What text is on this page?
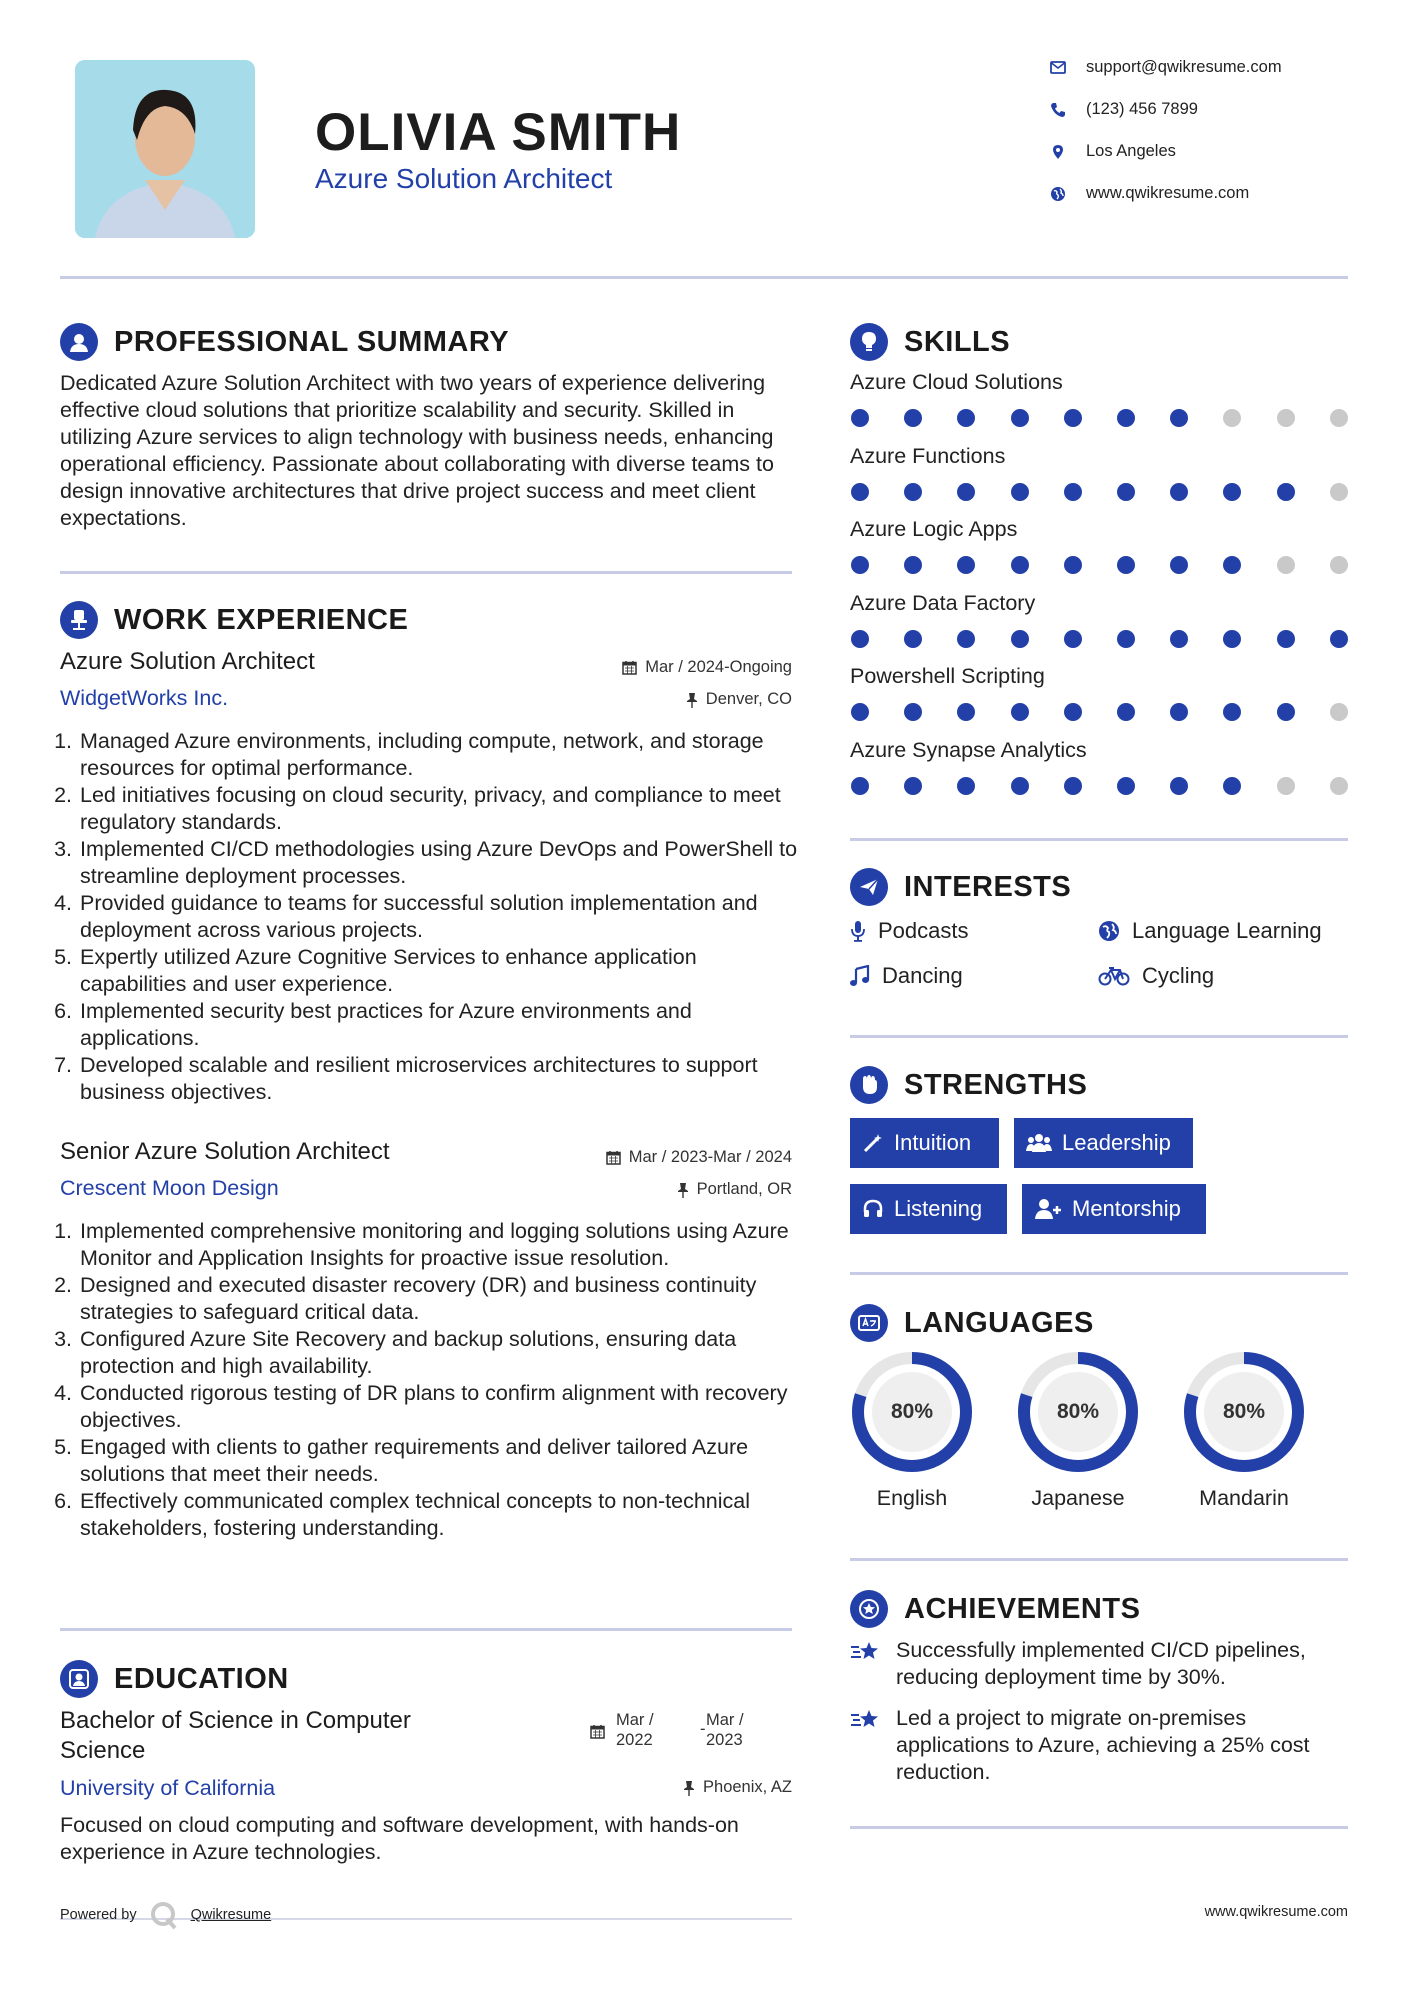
OLIVIA SMITH
Azure Solution Architect
support@qwikresume.com
(123) 456 7899
Los Angeles
www.qwikresume.com
PROFESSIONAL SUMMARY
Dedicated Azure Solution Architect with two years of experience delivering effective cloud solutions that prioritize scalability and security. Skilled in utilizing Azure services to align technology with business needs, enhancing operational efficiency. Passionate about collaborating with diverse teams to design innovative architectures that drive project success and meet client expectations.
WORK EXPERIENCE
Azure Solution Architect	Mar / 2024-Ongoing
WidgetWorks Inc.	Denver, CO
1. Managed Azure environments, including compute, network, and storage resources for optimal performance.
2. Led initiatives focusing on cloud security, privacy, and compliance to meet regulatory standards.
3. Implemented CI/CD methodologies using Azure DevOps and PowerShell to streamline deployment processes.
4. Provided guidance to teams for successful solution implementation and deployment across various projects.
5. Expertly utilized Azure Cognitive Services to enhance application capabilities and user experience.
6. Implemented security best practices for Azure environments and applications.
7. Developed scalable and resilient microservices architectures to support business objectives.
Senior Azure Solution Architect	Mar / 2023-Mar / 2024
Crescent Moon Design	Portland, OR
1. Implemented comprehensive monitoring and logging solutions using Azure Monitor and Application Insights for proactive issue resolution.
2. Designed and executed disaster recovery (DR) and business continuity strategies to safeguard critical data.
3. Configured Azure Site Recovery and backup solutions, ensuring data protection and high availability.
4. Conducted rigorous testing of DR plans to confirm alignment with recovery objectives.
5. Engaged with clients to gather requirements and deliver tailored Azure solutions that meet their needs.
6. Effectively communicated complex technical concepts to non-technical stakeholders, fostering understanding.
EDUCATION
Bachelor of Science in Computer Science
Mar / 2022
- Mar / 2023
University of California	Phoenix, AZ
Focused on cloud computing and software development, with hands-on experience in Azure technologies.
Powered by	Qwikresume	www.qwikresume.com
SKILLS
Azure Cloud Solutions
Azure Functions
Azure Logic Apps
Azure Data Factory
Powershell Scripting
Azure Synapse Analytics
INTERESTS
Podcasts	Language Learning
Dancing	Cycling
STRENGTHS
Intuition	Leadership
Listening	Mentorship
LANGUAGES
80%
English
80%
Japanese
80%
Mandarin
ACHIEVEMENTS
Successfully implemented CI/CD pipelines, reducing deployment time by 30%.
Led a project to migrate on-premises applications to Azure, achieving a 25% cost reduction.
